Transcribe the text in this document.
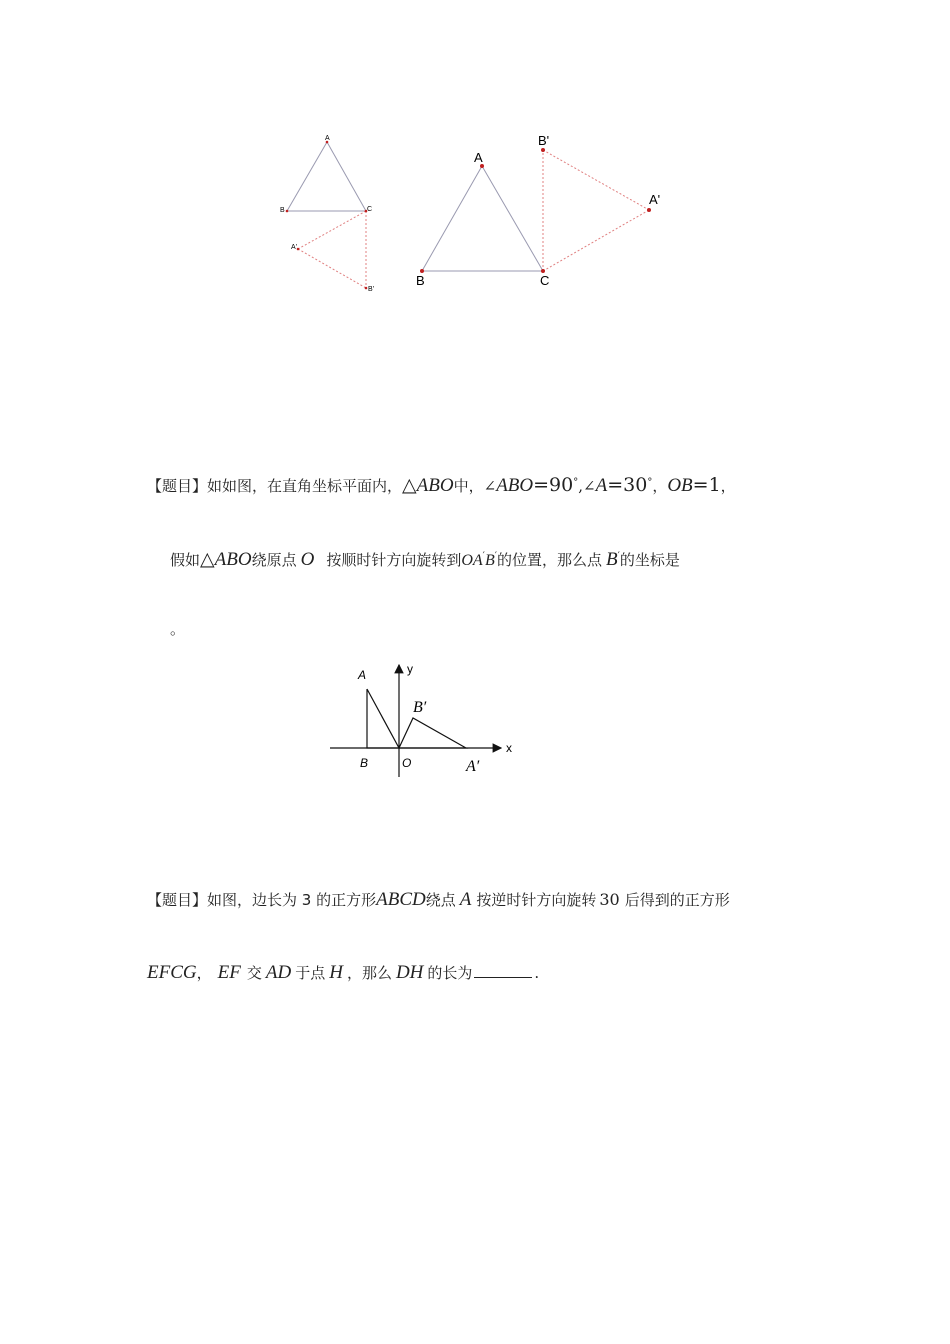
A
B	C
A'
B'
A
B	C
B'
A'
【题目】如如图，在直角坐标平面内，△ABO中，∠ABO=90°,∠A=30°，OB=1，
假如△ABO绕原点 O 按顺时针方向旋转到OA′B′的位置，那么点 B′的坐标是
。
A
B	O
y
x
B′
A′
【题目】如图，边长为 3 的正方形ABCD绕点 A 按逆时针方向旋转 30 后得到的正方形
EFCG， EF 交 AD 于点 H ，那么 DH 的长为	.
